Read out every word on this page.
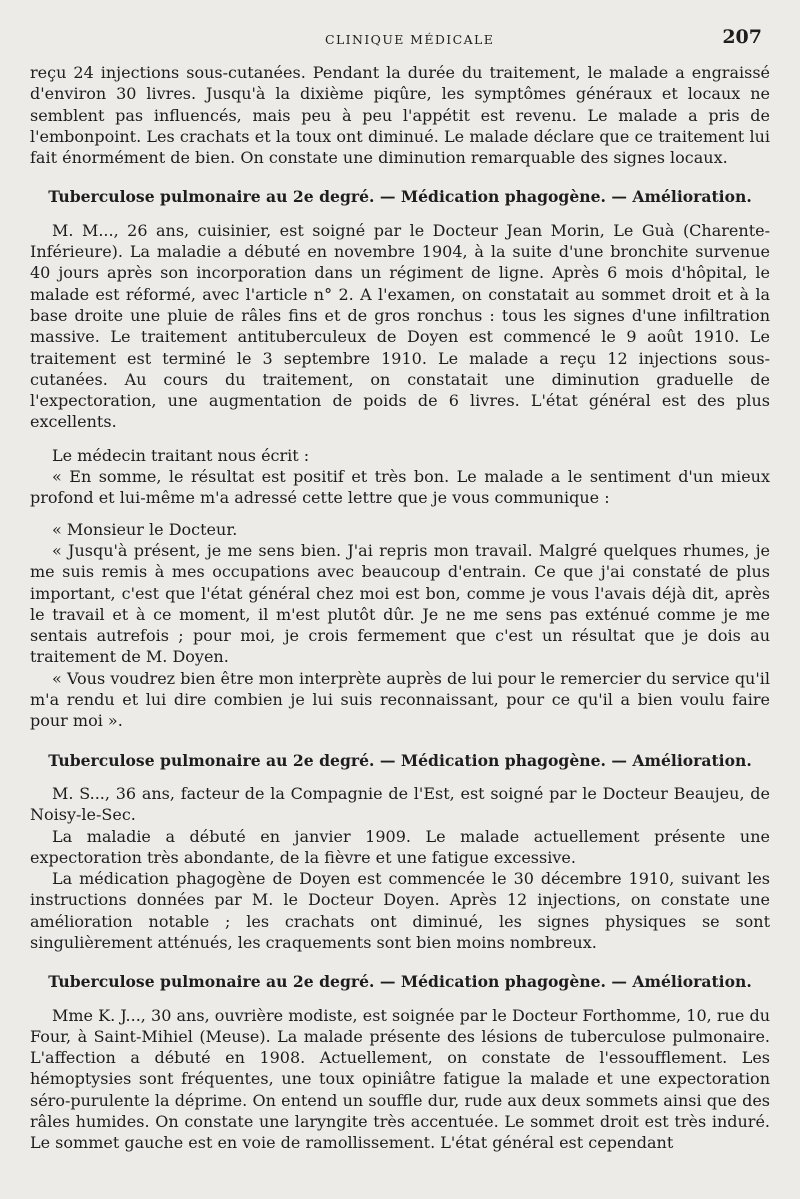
CLINIQUE MÉDICALE	207

reçu 24 injections sous-cutanées. Pendant la durée du traitement, le malade a engraissé d'environ 30 livres. Jusqu'à la dixième piqûre, les symptômes généraux et locaux ne semblent pas influencés, mais peu à peu l'appétit est revenu. Le malade a pris de l'embonpoint. Les crachats et la toux ont diminué. Le malade déclare que ce traitement lui fait énormément de bien. On constate une diminution remarquable des signes locaux.

Tuberculose pulmonaire au 2e degré. — Médication phagogène. — Amélioration.

M. M..., 26 ans, cuisinier, est soigné par le Docteur Jean Morin, Le Guà (Charente-Inférieure). La maladie a débuté en novembre 1904, à la suite d'une bronchite survenue 40 jours après son incorporation dans un régiment de ligne. Après 6 mois d'hôpital, le malade est réformé, avec l'article n° 2. A l'examen, on constatait au sommet droit et à la base droite une pluie de râles fins et de gros ronchus : tous les signes d'une infiltration massive. Le traitement antituberculeux de Doyen est commencé le 9 août 1910. Le traitement est terminé le 3 septembre 1910. Le malade a reçu 12 injections sous-cutanées. Au cours du traitement, on constatait une diminution graduelle de l'expectoration, une augmentation de poids de 6 livres. L'état général est des plus excellents.

Le médecin traitant nous écrit :

« En somme, le résultat est positif et très bon. Le malade a le sentiment d'un mieux profond et lui-même m'a adressé cette lettre que je vous communique :

« Monsieur le Docteur.

« Jusqu'à présent, je me sens bien. J'ai repris mon travail. Malgré quelques rhumes, je me suis remis à mes occupations avec beaucoup d'entrain. Ce que j'ai constaté de plus important, c'est que l'état général chez moi est bon, comme je vous l'avais déjà dit, après le travail et à ce moment, il m'est plutôt dûr. Je ne me sens pas exténué comme je me sentais autrefois ; pour moi, je crois fermement que c'est un résultat que je dois au traitement de M. Doyen.

« Vous voudrez bien être mon interprète auprès de lui pour le remercier du service qu'il m'a rendu et lui dire combien je lui suis reconnaissant, pour ce qu'il a bien voulu faire pour moi ».

Tuberculose pulmonaire au 2e degré. — Médication phagogène. — Amélioration.

M. S..., 36 ans, facteur de la Compagnie de l'Est, est soigné par le Docteur Beaujeu, de Noisy-le-Sec.

La maladie a débuté en janvier 1909. Le malade actuellement présente une expectoration très abondante, de la fièvre et une fatigue excessive.

La médication phagogène de Doyen est commencée le 30 décembre 1910, suivant les instructions données par M. le Docteur Doyen. Après 12 injections, on constate une amélioration notable ; les crachats ont diminué, les signes physiques se sont singulièrement atténués, les craquements sont bien moins nombreux.

Tuberculose pulmonaire au 2e degré. — Médication phagogène. — Amélioration.

Mme K. J..., 30 ans, ouvrière modiste, est soignée par le Docteur Forthomme, 10, rue du Four, à Saint-Mihiel (Meuse). La malade présente des lésions de tuberculose pulmonaire. L'affection a débuté en 1908. Actuellement, on constate de l'essoufflement. Les hémoptysies sont fréquentes, une toux opiniâtre fatigue la malade et une expectoration séro-purulente la déprime. On entend un souffle dur, rude aux deux sommets ainsi que des râles humides. On constate une laryngite très accentuée. Le sommet droit est très induré. Le sommet gauche est en voie de ramollissement. L'état général est cependant
